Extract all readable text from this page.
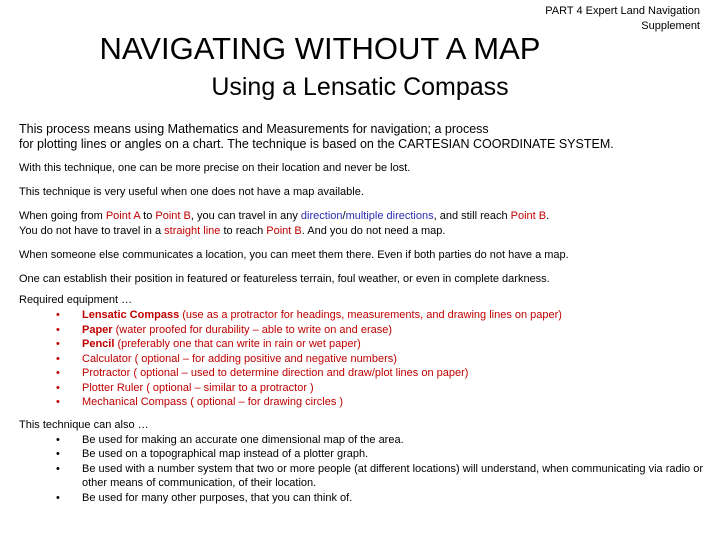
PART 4 Expert Land Navigation
Supplement
NAVIGATING WITHOUT A MAP
Using a Lensatic Compass
This process means using Mathematics and Measurements for navigation; a process
for plotting lines or angles on a chart. The technique is based on the CARTESIAN COORDINATE SYSTEM.
With this technique, one can be more precise on their location and never be lost.
This technique is very useful when one does not have a map available.
When going from Point A to Point B, you can travel in any direction/multiple directions, and still reach Point B.
You do not have to travel in a straight line to reach Point B. And you do not need a map.
When someone else communicates a location, you can meet them there. Even if both parties do not have a map.
One can establish their position in featured or featureless terrain, foul weather, or even in complete darkness.
Required equipment …
• Lensatic Compass (use as a protractor for headings, measurements, and drawing lines on paper)
• Paper (water proofed for durability – able to write on and erase)
• Pencil (preferably one that can write in rain or wet paper)
• Calculator ( optional – for adding positive and negative numbers)
• Protractor ( optional – used to determine direction and draw/plot lines on paper)
• Plotter Ruler ( optional – similar to a protractor )
• Mechanical Compass ( optional – for drawing circles )
This technique can also …
• Be used for making an accurate one dimensional map of the area.
• Be used on a topographical map instead of a plotter graph.
• Be used with a number system that two or more people (at different locations) will understand, when communicating via radio or other means of communication, of their location.
• Be used for many other purposes, that you can think of.
